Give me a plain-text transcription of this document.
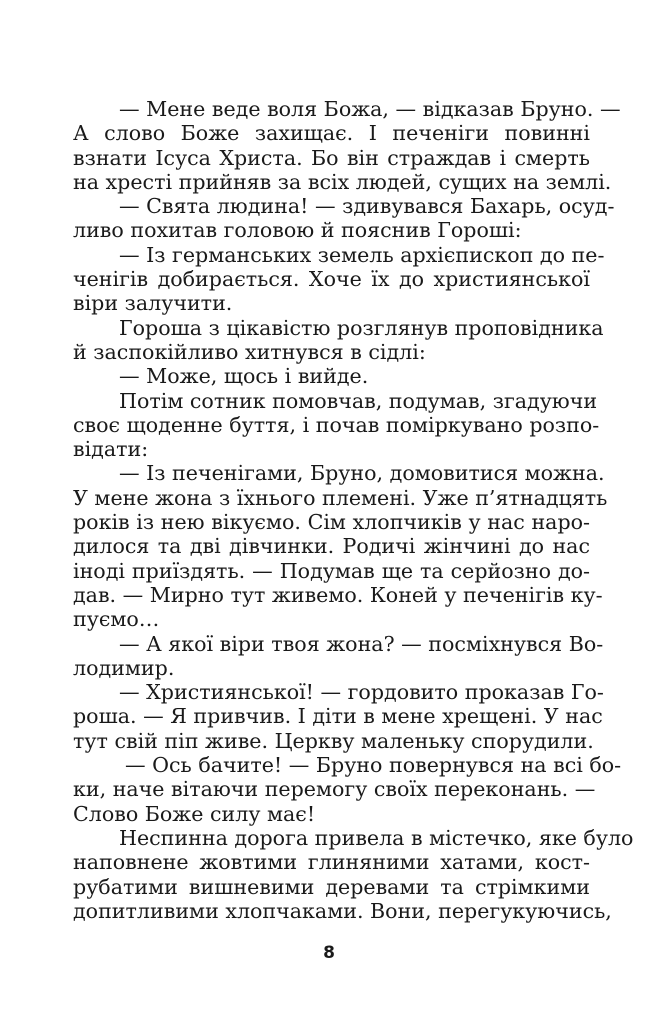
— Мене веде воля Божа, — відказав Бруно. —
А слово Боже захищає. І печеніги повинні
взнати Ісуса Христа. Бо він страждав і смерть
на хресті прийняв за всіх людей, сущих на землі.
— Свята людина! — здивувався Бахарь, осуд-
ливо похитав головою й пояснив Гороші:
— Із германських земель архієпископ до пе-
ченігів добирається. Хоче їх до християнської
віри залучити.
Гороша з цікавістю розглянув проповідника
й заспокійливо хитнувся в сідлі:
— Може, щось і вийде.
Потім сотник помовчав, подумав, згадуючи
своє щоденне буття, і почав поміркувано розпо-
відати:
— Із печенігами, Бруно, домовитися можна.
У мене жона з їхнього племені. Уже п’ятнадцять
років із нею вікуємо. Сім хлопчиків у нас наро-
дилося та дві дівчинки. Родичі жінчині до нас
іноді приїздять. — Подумав ще та серйозно до-
дав. — Мирно тут живемо. Коней у печенігів ку-
пуємо…
— А якої віри твоя жона? — посміхнувся Во-
лодимир.
— Християнської! — гордовито проказав Го-
роша. — Я привчив. І діти в мене хрещені. У нас
тут свій піп живе. Церкву маленьку спорудили.
— Ось бачите! — Бруно повернувся на всі бо-
ки, наче вітаючи перемогу своїх переконань. —
Слово Боже силу має!
Неспинна дорога привела в містечко, яке було
наповнене жовтими глиняними хатами, кост-
рубатими вишневими деревами та стрімкими
допитливими хлопчаками. Вони, перегукуючись,
8
